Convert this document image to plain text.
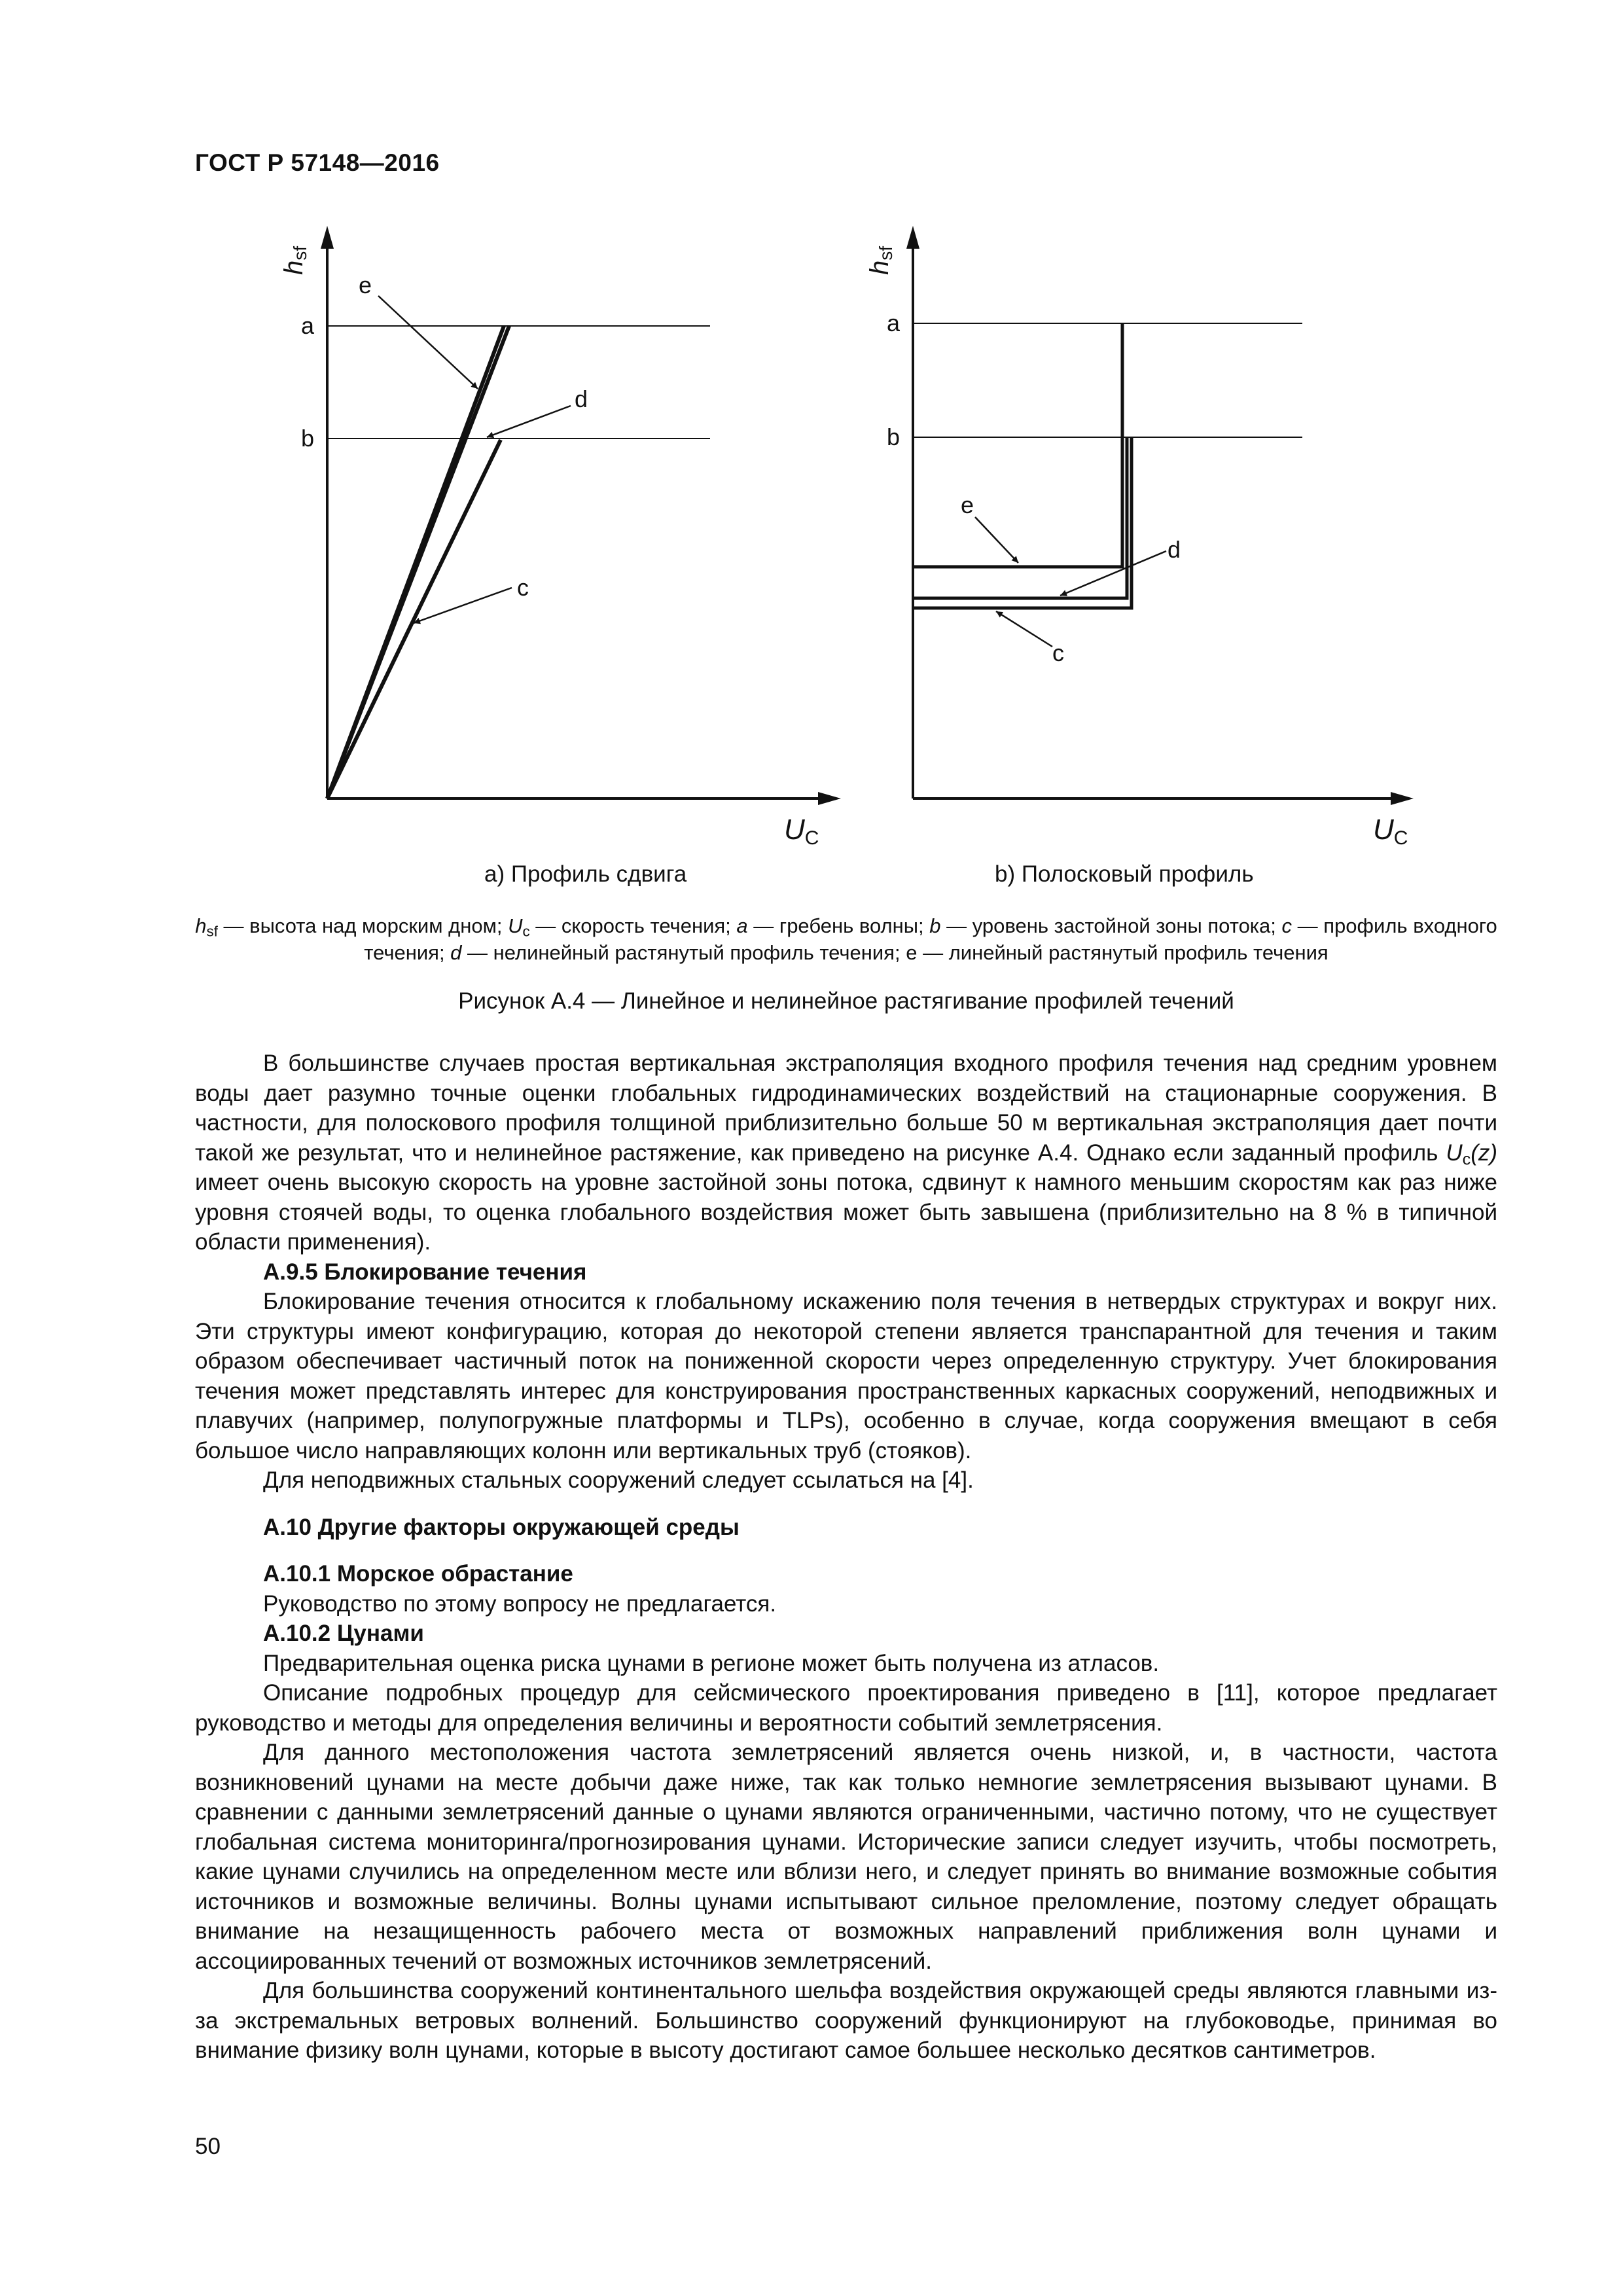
ГОСТ Р 57148—2016
hsf
a
b
e
d
c
UC
hsf
a
b
e
d
c
UC
a) Профиль сдвига	b) Полосковый профиль
$h_{sf}$ — высота над морским дном; $U_c$ — скорость течения; a — гребень волны; b — уровень застойной зоны потока; c — профиль входного течения; d — нелинейный растянутый профиль течения; е — линейный растянутый профиль течения
Рисунок А.4 — Линейное и нелинейное растягивание профилей течений

В большинстве случаев простая вертикальная экстраполяция входного профиля течения над средним уровнем воды дает разумно точные оценки глобальных гидродинамических воздействий на стационарные сооружения. В частности, для полоскового профиля толщиной приблизительно больше 50 м вертикальная экстраполяция дает почти такой же результат, что и нелинейное растяжение, как приведено на рисунке А.4. Однако если заданный профиль $U_c(z)$ имеет очень высокую скорость на уровне застойной зоны потока, сдвинут к намного меньшим скоростям как раз ниже уровня стоячей воды, то оценка глобального воздействия может быть завышена (приблизительно на 8 % в типичной области применения).

А.9.5 Блокирование течения

Блокирование течения относится к глобальному искажению поля течения в нетвердых структурах и вокруг них. Эти структуры имеют конфигурацию, которая до некоторой степени является транспарантной для течения и таким образом обеспечивает частичный поток на пониженной скорости через определенную структуру. Учет блокирования течения может представлять интерес для конструирования пространственных каркасных сооружений, неподвижных и плавучих (например, полупогружные платформы и TLPs), особенно в случае, когда сооружения вмещают в себя большое число направляющих колонн или вертикальных труб (стояков).

Для неподвижных стальных сооружений следует ссылаться на [4].

А.10 Другие факторы окружающей среды
А.10.1 Морское обрастание

Руководство по этому вопросу не предлагается.

А.10.2 Цунами

Предварительная оценка риска цунами в регионе может быть получена из атласов.

Описание подробных процедур для сейсмического проектирования приведено в [11], которое предлагает руководство и методы для определения величины и вероятности событий землетрясения.

Для данного местоположения частота землетрясений является очень низкой, и, в частности, частота возникновений цунами на месте добычи даже ниже, так как только немногие землетрясения вызывают цунами. В сравнении с данными землетрясений данные о цунами являются ограниченными, частично потому, что не существует глобальная система мониторинга/прогнозирования цунами. Исторические записи следует изучить, чтобы посмотреть, какие цунами случились на определенном месте или вблизи него, и следует принять во внимание возможные события источников и возможные величины. Волны цунами испытывают сильное преломление, поэтому следует обращать внимание на незащищенность рабочего места от возможных направлений приближения волн цунами и ассоциированных течений от возможных источников землетрясений.

Для большинства сооружений континентального шельфа воздействия окружающей среды являются главными из-за экстремальных ветровых волнений. Большинство сооружений функционируют на глубоководье, принимая во внимание физику волн цунами, которые в высоту достигают самое большее несколько десятков сантиметров.

50
